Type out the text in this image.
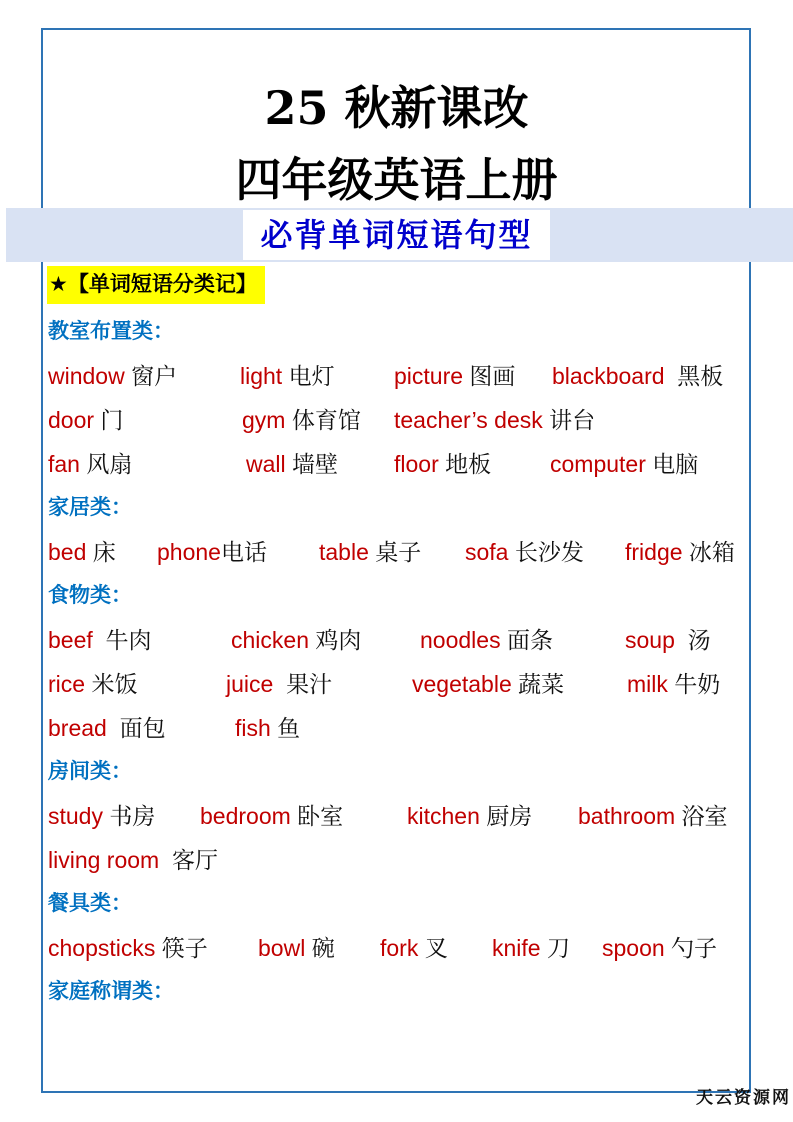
25 秋新课改
四年级英语上册
必背单词短语句型
★【单词短语分类记】
教室布置类：
window 窗户	light 电灯	picture 图画 blackboard  黑板
door 门	gym 体育馆 teacher’s desk 讲台
fan 风扇	wall 墙壁 floor 地板	computer 电脑
家居类：
bed 床 phone电话 table 桌子 sofa 长沙发 fridge 冰箱
食物类：
beef  牛肉	chicken 鸡肉	noodles 面条	soup  汤
rice 米饭	juice  果汁	vegetable 蔬菜	milk 牛奶
bread  面包	fish 鱼
房间类：
study 书房 bedroom 卧室	kitchen 厨房 bathroom 浴室
living room  客厅
餐具类：
chopsticks 筷子 bowl 碗 fork 叉 knife 刀 spoon 勺子
家庭称谓类：
天云资源网
